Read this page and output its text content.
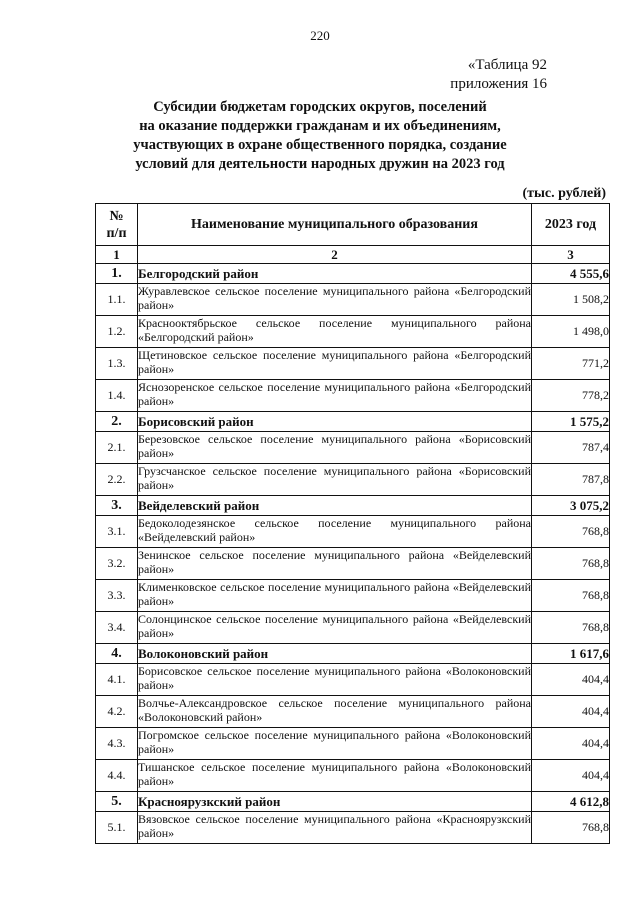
220
«Таблица 92
приложения 16
Субсидии бюджетам городских округов, поселений
на оказание поддержки гражданам и их объединениям,
участвующих в охране общественного порядка, создание
условий для деятельности народных дружин на 2023 год
(тыс. рублей)
№
п/п	Наименование муниципального образования	2023 год
1	2	3
1.	Белгородский район	4 555,6
1.1.	Журавлевское сельское поселение муниципального района «Белгородский район»	1 508,2
1.2.	Краснооктябрьское сельское поселение муниципального района «Белгородский район»	1 498,0
1.3.	Щетиновское сельское поселение муниципального района «Белгородский район»	771,2
1.4.	Яснозоренское сельское поселение муниципального района «Белгородский район»	778,2
2.	Борисовский район	1 575,2
2.1.	Березовское сельское поселение муниципального района «Борисовский район»	787,4
2.2.	Грузсчанское сельское поселение муниципального района «Борисовский район»	787,8
3.	Вейделевский район	3 075,2
3.1.	Бедоколодезянское сельское поселение муниципального района «Вейделевский район»	768,8
3.2.	Зенинское сельское поселение муниципального района «Вейделевский район»	768,8
3.3.	Клименковское сельское поселение муниципального района «Вейделевский район»	768,8
3.4.	Солонцинское сельское поселение муниципального района «Вейделевский район»	768,8
4.	Волоконовский район	1 617,6
4.1.	Борисовское сельское поселение муниципального района «Волоконовский район»	404,4
4.2.	Волчье-Александровское сельское поселение муниципального района «Волоконовский район»	404,4
4.3.	Погромское сельское поселение муниципального района «Волоконовский район»	404,4
4.4.	Тишанское сельское поселение муниципального района «Волоконовский район»	404,4
5.	Красноярузкский район	4 612,8
5.1.	Вязовское сельское поселение муниципального района «Красноярузкский район»	768,8
